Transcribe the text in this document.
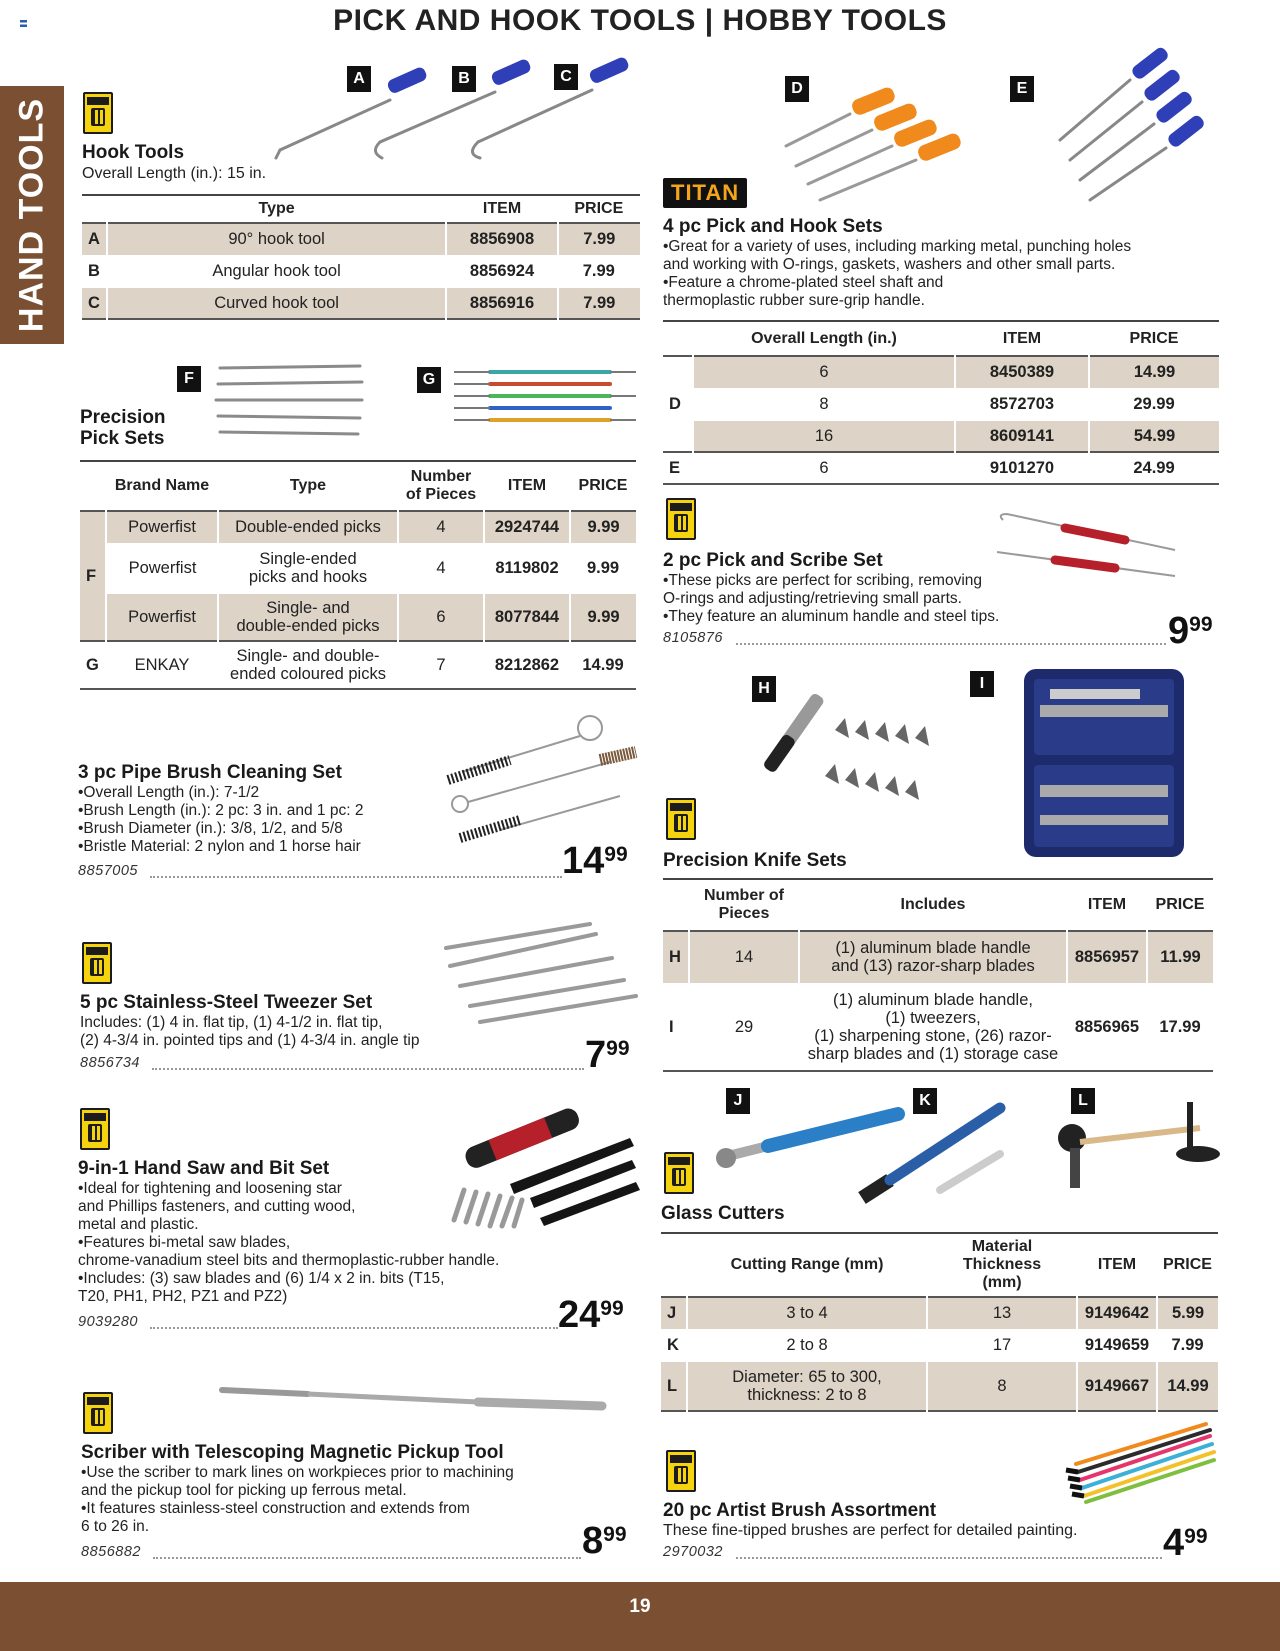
PICK AND HOOK TOOLS | HOBBY TOOLS
HAND TOOLS
A	B	C
Hook Tools
Overall Length (in.): 15 in.
	Type	ITEM	PRICE
A	90° hook tool	8856908	7.99
B	Angular hook tool	8856924	7.99
C	Curved hook tool	8856916	7.99
F	G
Precision
Pick Sets
	Brand Name	Type	Number
of Pieces	ITEM	PRICE
F	Powerfist	Double-ended picks	4	2924744	9.99
	Powerfist	Single-ended
picks and hooks	4	8119802	9.99
	Powerfist	Single- and
double-ended picks	6	8077844	9.99
G	ENKAY	Single- and double-
ended coloured picks	7	8212862	14.99
3 pc Pipe Brush Cleaning Set
•Overall Length (in.): 7-1/2
•Brush Length (in.): 2 pc: 3 in. and 1 pc: 2
•Brush Diameter (in.): 3/8, 1/2, and 5/8
•Bristle Material: 2 nylon and 1 horse hair
8857005	$14^{99}$
5 pc Stainless-Steel Tweezer Set
Includes: (1) 4 in. flat tip, (1) 4-1/2 in. flat tip,
(2) 4-3/4 in. pointed tips and (1) 4-3/4 in. angle tip
8856734	$7^{99}$
9-in-1 Hand Saw and Bit Set
•Ideal for tightening and loosening star
and Phillips fasteners, and cutting wood,
metal and plastic.
•Features bi-metal saw blades,
chrome-vanadium steel bits and thermoplastic-rubber handle.
•Includes: (3) saw blades and (6) 1/4 x 2 in. bits (T15,
T20, PH1, PH2, PZ1 and PZ2)
9039280	$24^{99}$
Scriber with Telescoping Magnetic Pickup Tool
•Use the scriber to mark lines on workpieces prior to machining
and the pickup tool for picking up ferrous metal.
•It features stainless-steel construction and extends from
6 to 26 in.
8856882	$8^{99}$
D	E
TITAN
4 pc Pick and Hook Sets
•Great for a variety of uses, including marking metal, punching holes
and working with O-rings, gaskets, washers and other small parts.
•Feature a chrome-plated steel shaft and
thermoplastic rubber sure-grip handle.
	Overall Length (in.)	ITEM	PRICE
D	6	8450389	14.99
	8	8572703	29.99
	16	8609141	54.99
E	6	9101270	24.99
2 pc Pick and Scribe Set
•These picks are perfect for scribing, removing
O-rings and adjusting/retrieving small parts.
•They feature an aluminum handle and steel tips.
8105876	$9^{99}$
H	I
Precision Knife Sets

	Number of
Pieces	Includes	ITEM	PRICE
H	14	(1) aluminum blade handle
and (13) razor-sharp blades	8856957	11.99
I	29	(1) aluminum blade handle,
(1) tweezers,
(1) sharpening stone, (26) razor-
sharp blades and (1) storage case	8856965	17.99
J	K	L
Glass Cutters
	Cutting Range (mm)	Material Thickness
(mm)	ITEM	PRICE
J	3 to 4	13	9149642	5.99
K	2 to 8	17	9149659	7.99
L	Diameter: 65 to 300,
thickness: 2 to 8	8	9149667	14.99
20 pc Artist Brush Assortment
These fine-tipped brushes are perfect for detailed painting.
2970032	$4^{99}$
19
